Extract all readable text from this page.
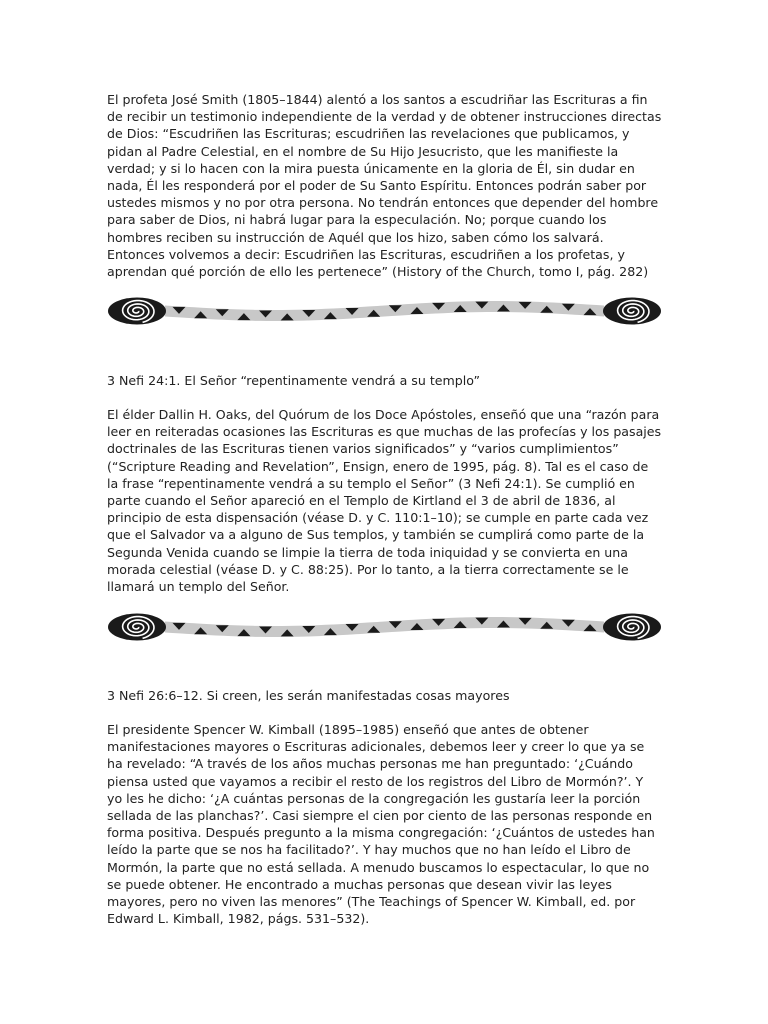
El profeta José Smith (1805–1844) alentó a los santos a escudriñar las Escrituras a fin
de recibir un testimonio independiente de la verdad y de obtener instrucciones directas
de Dios: “Escudriñen las Escrituras; escudriñen las revelaciones que publicamos, y
pidan al Padre Celestial, en el nombre de Su Hijo Jesucristo, que les manifieste la
verdad; y si lo hacen con la mira puesta únicamente en la gloria de Él, sin dudar en
nada, Él les responderá por el poder de Su Santo Espíritu. Entonces podrán saber por
ustedes mismos y no por otra persona. No tendrán entonces que depender del hombre
para saber de Dios, ni habrá lugar para la especulación. No; porque cuando los
hombres reciben su instrucción de Aquél que los hizo, saben cómo los salvará.
Entonces volvemos a decir: Escudriñen las Escrituras, escudriñen a los profetas, y
aprendan qué porción de ello les pertenece” (History of the Church, tomo I, pág. 282)

3 Nefi 24:1. El Señor “repentinamente vendrá a su templo”

El élder Dallin H. Oaks, del Quórum de los Doce Apóstoles, enseñó que una “razón para
leer en reiteradas ocasiones las Escrituras es que muchas de las profecías y los pasajes
doctrinales de las Escrituras tienen varios significados” y “varios cumplimientos”
(“Scripture Reading and Revelation”, Ensign, enero de 1995, pág. 8). Tal es el caso de
la frase “repentinamente vendrá a su templo el Señor” (3 Nefi 24:1). Se cumplió en
parte cuando el Señor apareció en el Templo de Kirtland el 3 de abril de 1836, al
principio de esta dispensación (véase D. y C. 110:1–10); se cumple en parte cada vez
que el Salvador va a alguno de Sus templos, y también se cumplirá como parte de la
Segunda Venida cuando se limpie la tierra de toda iniquidad y se convierta en una
morada celestial (véase D. y C. 88:25). Por lo tanto, a la tierra correctamente se le
llamará un templo del Señor.

3 Nefi 26:6–12. Si creen, les serán manifestadas cosas mayores

El presidente Spencer W. Kimball (1895–1985) enseñó que antes de obtener
manifestaciones mayores o Escrituras adicionales, debemos leer y creer lo que ya se
ha revelado: “A través de los años muchas personas me han preguntado: ‘¿Cuándo
piensa usted que vayamos a recibir el resto de los registros del Libro de Mormón?’. Y
yo les he dicho: ‘¿A cuántas personas de la congregación les gustaría leer la porción
sellada de las planchas?’. Casi siempre el cien por ciento de las personas responde en
forma positiva. Después pregunto a la misma congregación: ‘¿Cuántos de ustedes han
leído la parte que se nos ha facilitado?’. Y hay muchos que no han leído el Libro de
Mormón, la parte que no está sellada. A menudo buscamos lo espectacular, lo que no
se puede obtener. He encontrado a muchas personas que desean vivir las leyes
mayores, pero no viven las menores” (The Teachings of Spencer W. Kimball, ed. por
Edward L. Kimball, 1982, págs. 531–532).
